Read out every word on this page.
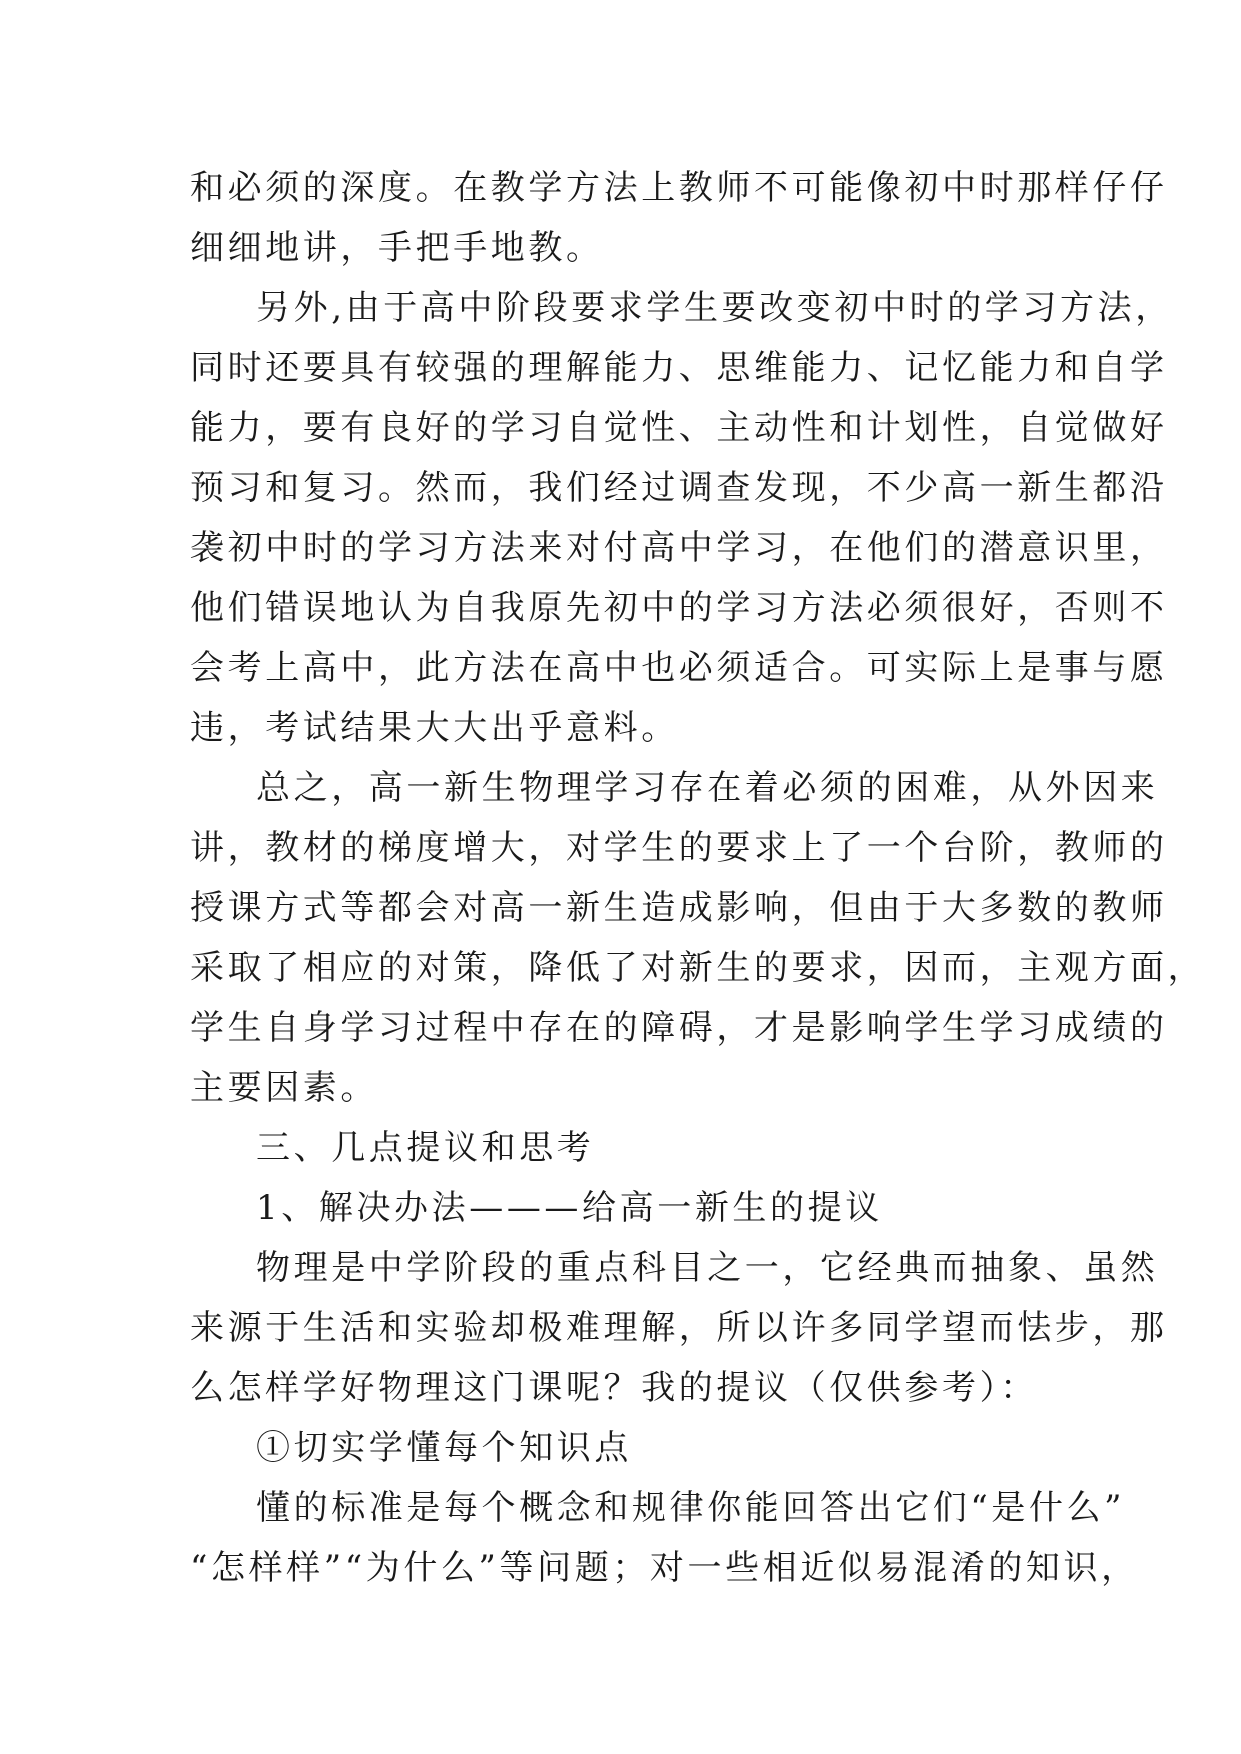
和必须的深度。在教学方法上教师不可能像初中时那样仔仔
细细地讲，手把手地教。
另外,由于高中阶段要求学生要改变初中时的学习方法，
同时还要具有较强的理解能力、思维能力、记忆能力和自学
能力，要有良好的学习自觉性、主动性和计划性，自觉做好
预习和复习。然而，我们经过调查发现，不少高一新生都沿
袭初中时的学习方法来对付高中学习，在他们的潜意识里，
他们错误地认为自我原先初中的学习方法必须很好，否则不
会考上高中，此方法在高中也必须适合。可实际上是事与愿
违，考试结果大大出乎意料。
总之，高一新生物理学习存在着必须的困难，从外因来
讲，教材的梯度增大，对学生的要求上了一个台阶，教师的
授课方式等都会对高一新生造成影响，但由于大多数的教师
采取了相应的对策，降低了对新生的要求，因而，主观方面，
学生自身学习过程中存在的障碍，才是影响学生学习成绩的
主要因素。
三、几点提议和思考
1、解决办法———给高一新生的提议
物理是中学阶段的重点科目之一，它经典而抽象、虽然
来源于生活和实验却极难理解，所以许多同学望而怯步，那
么怎样学好物理这门课呢？我的提议（仅供参考）：
①切实学懂每个知识点
懂的标准是每个概念和规律你能回答出它们“是什么”
“怎样样”“为什么”等问题；对一些相近似易混淆的知识，
